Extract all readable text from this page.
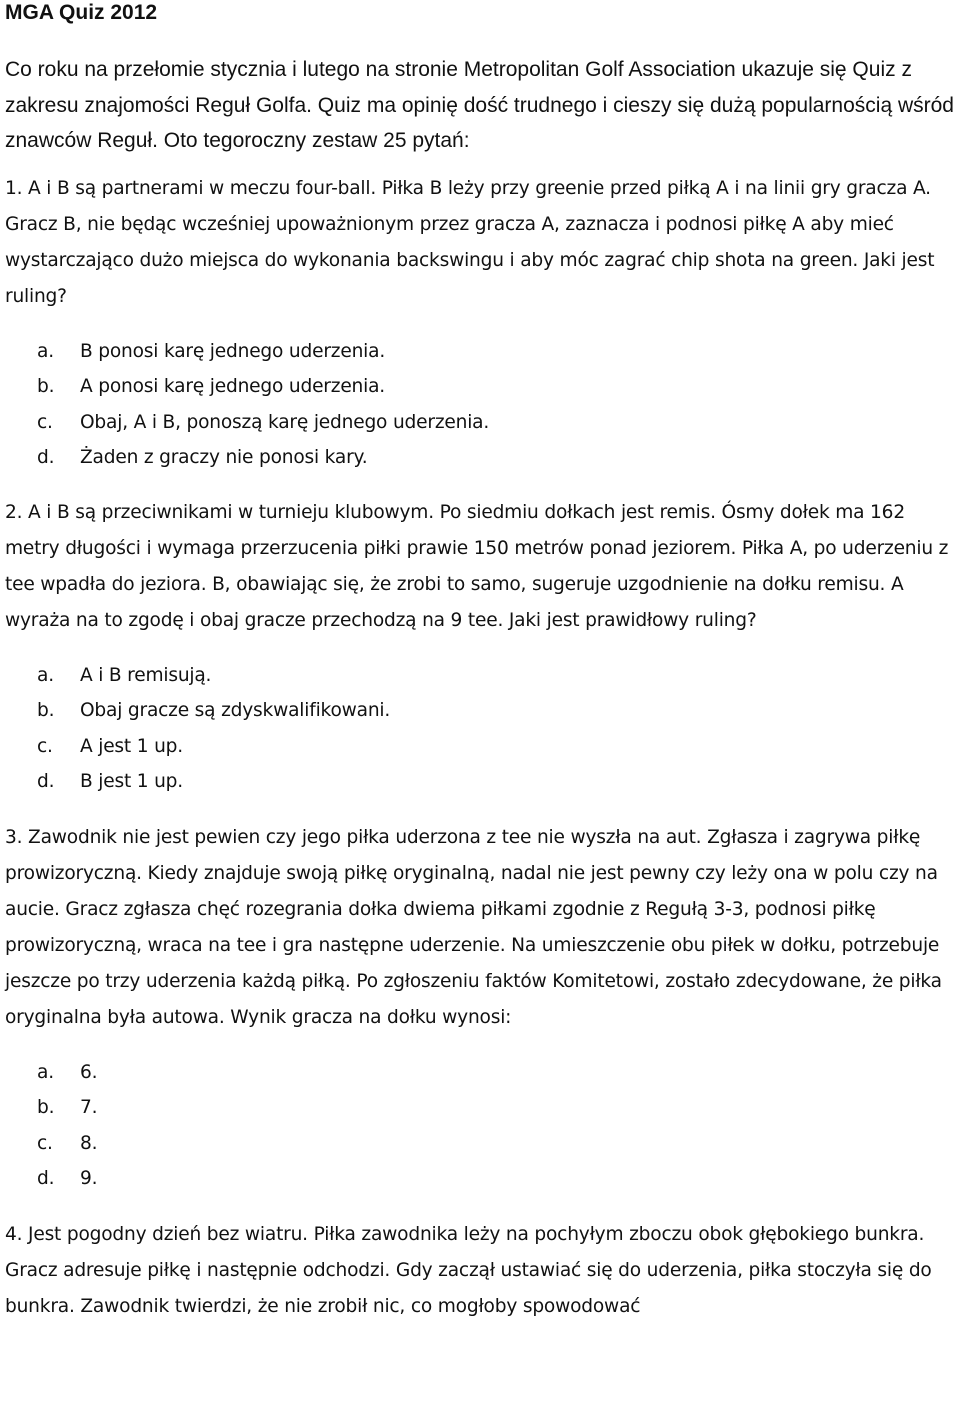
MGA Quiz 2012

Co roku na przełomie stycznia i lutego na stronie Metropolitan Golf Association ukazuje się Quiz z zakresu znajomości Reguł Golfa. Quiz ma opinię dość trudnego i cieszy się dużą popularnością wśród znawców Reguł. Oto tegoroczny zestaw 25 pytań:

1. A i B są partnerami w meczu four-ball. Piłka B leży przy greenie przed piłką A i na linii gry gracza A. Gracz B, nie będąc wcześniej upoważnionym przez gracza A, zaznacza i podnosi piłkę A aby mieć wystarczająco dużo miejsca do wykonania backswingu i aby móc zagrać chip shota na green. Jaki jest ruling?

a.	B ponosi karę jednego uderzenia.
b.	A ponosi karę jednego uderzenia.
c.	Obaj, A i B, ponoszą karę jednego uderzenia.
d.	Żaden z graczy nie ponosi kary.

2. A i B są przeciwnikami w turnieju klubowym. Po siedmiu dołkach jest remis. Ósmy dołek ma 162 metry długości i wymaga przerzucenia piłki prawie 150 metrów ponad jeziorem. Piłka A, po uderzeniu z tee wpadła do jeziora. B, obawiając się, że zrobi to samo, sugeruje uzgodnienie na dołku remisu. A wyraża na to zgodę i obaj gracze przechodzą na 9 tee. Jaki jest prawidłowy ruling?

a.	A i B remisują.
b.	Obaj gracze są zdyskwalifikowani.
c.	A jest 1 up.
d.	B jest 1 up.

3. Zawodnik nie jest pewien czy jego piłka uderzona z tee nie wyszła na aut. Zgłasza i zagrywa piłkę prowizoryczną. Kiedy znajduje swoją piłkę oryginalną, nadal nie jest pewny czy leży ona w polu czy na aucie. Gracz zgłasza chęć rozegrania dołka dwiema piłkami zgodnie z Regułą 3-3, podnosi piłkę prowizoryczną, wraca na tee i gra następne uderzenie. Na umieszczenie obu piłek w dołku, potrzebuje jeszcze po trzy uderzenia każdą piłką. Po zgłoszeniu faktów Komitetowi, zostało zdecydowane, że piłka oryginalna była autowa. Wynik gracza na dołku wynosi:

a.	6.
b.	7.
c.	8.
d.	9.

4. Jest pogodny dzień bez wiatru. Piłka zawodnika leży na pochyłym zboczu obok głębokiego bunkra. Gracz adresuje piłkę i następnie odchodzi. Gdy zaczął ustawiać się do uderzenia, piłka stoczyła się do bunkra. Zawodnik twierdzi, że nie zrobił nic, co mogłoby spowodować
